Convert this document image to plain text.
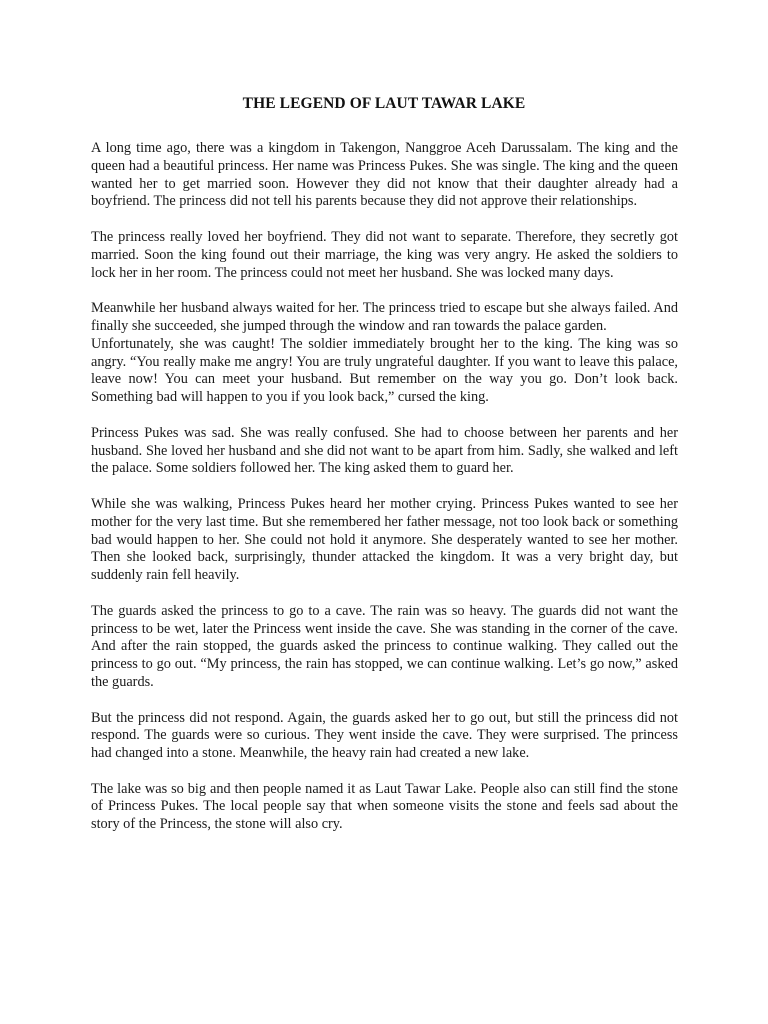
THE LEGEND OF LAUT TAWAR LAKE

A long time ago, there was a kingdom in Takengon, Nanggroe Aceh Darussalam. The king and the queen had a beautiful princess. Her name was Princess Pukes. She was single. The king and the queen wanted her to get married soon. However they did not know that their daughter already had a boyfriend. The princess did not tell his parents because they did not approve their relationships.

The princess really loved her boyfriend. They did not want to separate. Therefore, they secretly got married. Soon the king found out their marriage, the king was very angry. He asked the soldiers to lock her in her room. The princess could not meet her husband. She was locked many days.

Meanwhile her husband always waited for her. The princess tried to escape but she always failed. And finally she succeeded, she jumped through the window and ran towards the palace garden.

Unfortunately, she was caught! The soldier immediately brought her to the king. The king was so angry. “You really make me angry! You are truly ungrateful daughter. If you want to leave this palace, leave now! You can meet your husband. But remember on the way you go. Don’t look back. Something bad will happen to you if you look back,” cursed the king.

Princess Pukes was sad. She was really confused. She had to choose between her parents and her husband. She loved her husband and she did not want to be apart from him. Sadly, she walked and left the palace. Some soldiers followed her. The king asked them to guard her.

While she was walking, Princess Pukes heard her mother crying. Princess Pukes wanted to see her mother for the very last time. But she remembered her father message, not too look back or something bad would happen to her. She could not hold it anymore. She desperately wanted to see her mother. Then she looked back, surprisingly, thunder attacked the kingdom. It was a very bright day, but suddenly rain fell heavily.

The guards asked the princess to go to a cave. The rain was so heavy. The guards did not want the princess to be wet, later the Princess went inside the cave. She was standing in the corner of the cave. And after the rain stopped, the guards asked the princess to continue walking. They called out the princess to go out. “My princess, the rain has stopped, we can continue walking. Let’s go now,” asked the guards.

But the princess did not respond. Again, the guards asked her to go out, but still the princess did not respond. The guards were so curious. They went inside the cave. They were surprised. The princess had changed into a stone. Meanwhile, the heavy rain had created a new lake.

The lake was so big and then people named it as Laut Tawar Lake. People also can still find the stone of Princess Pukes. The local people say that when someone visits the stone and feels sad about the story of the Princess, the stone will also cry.
